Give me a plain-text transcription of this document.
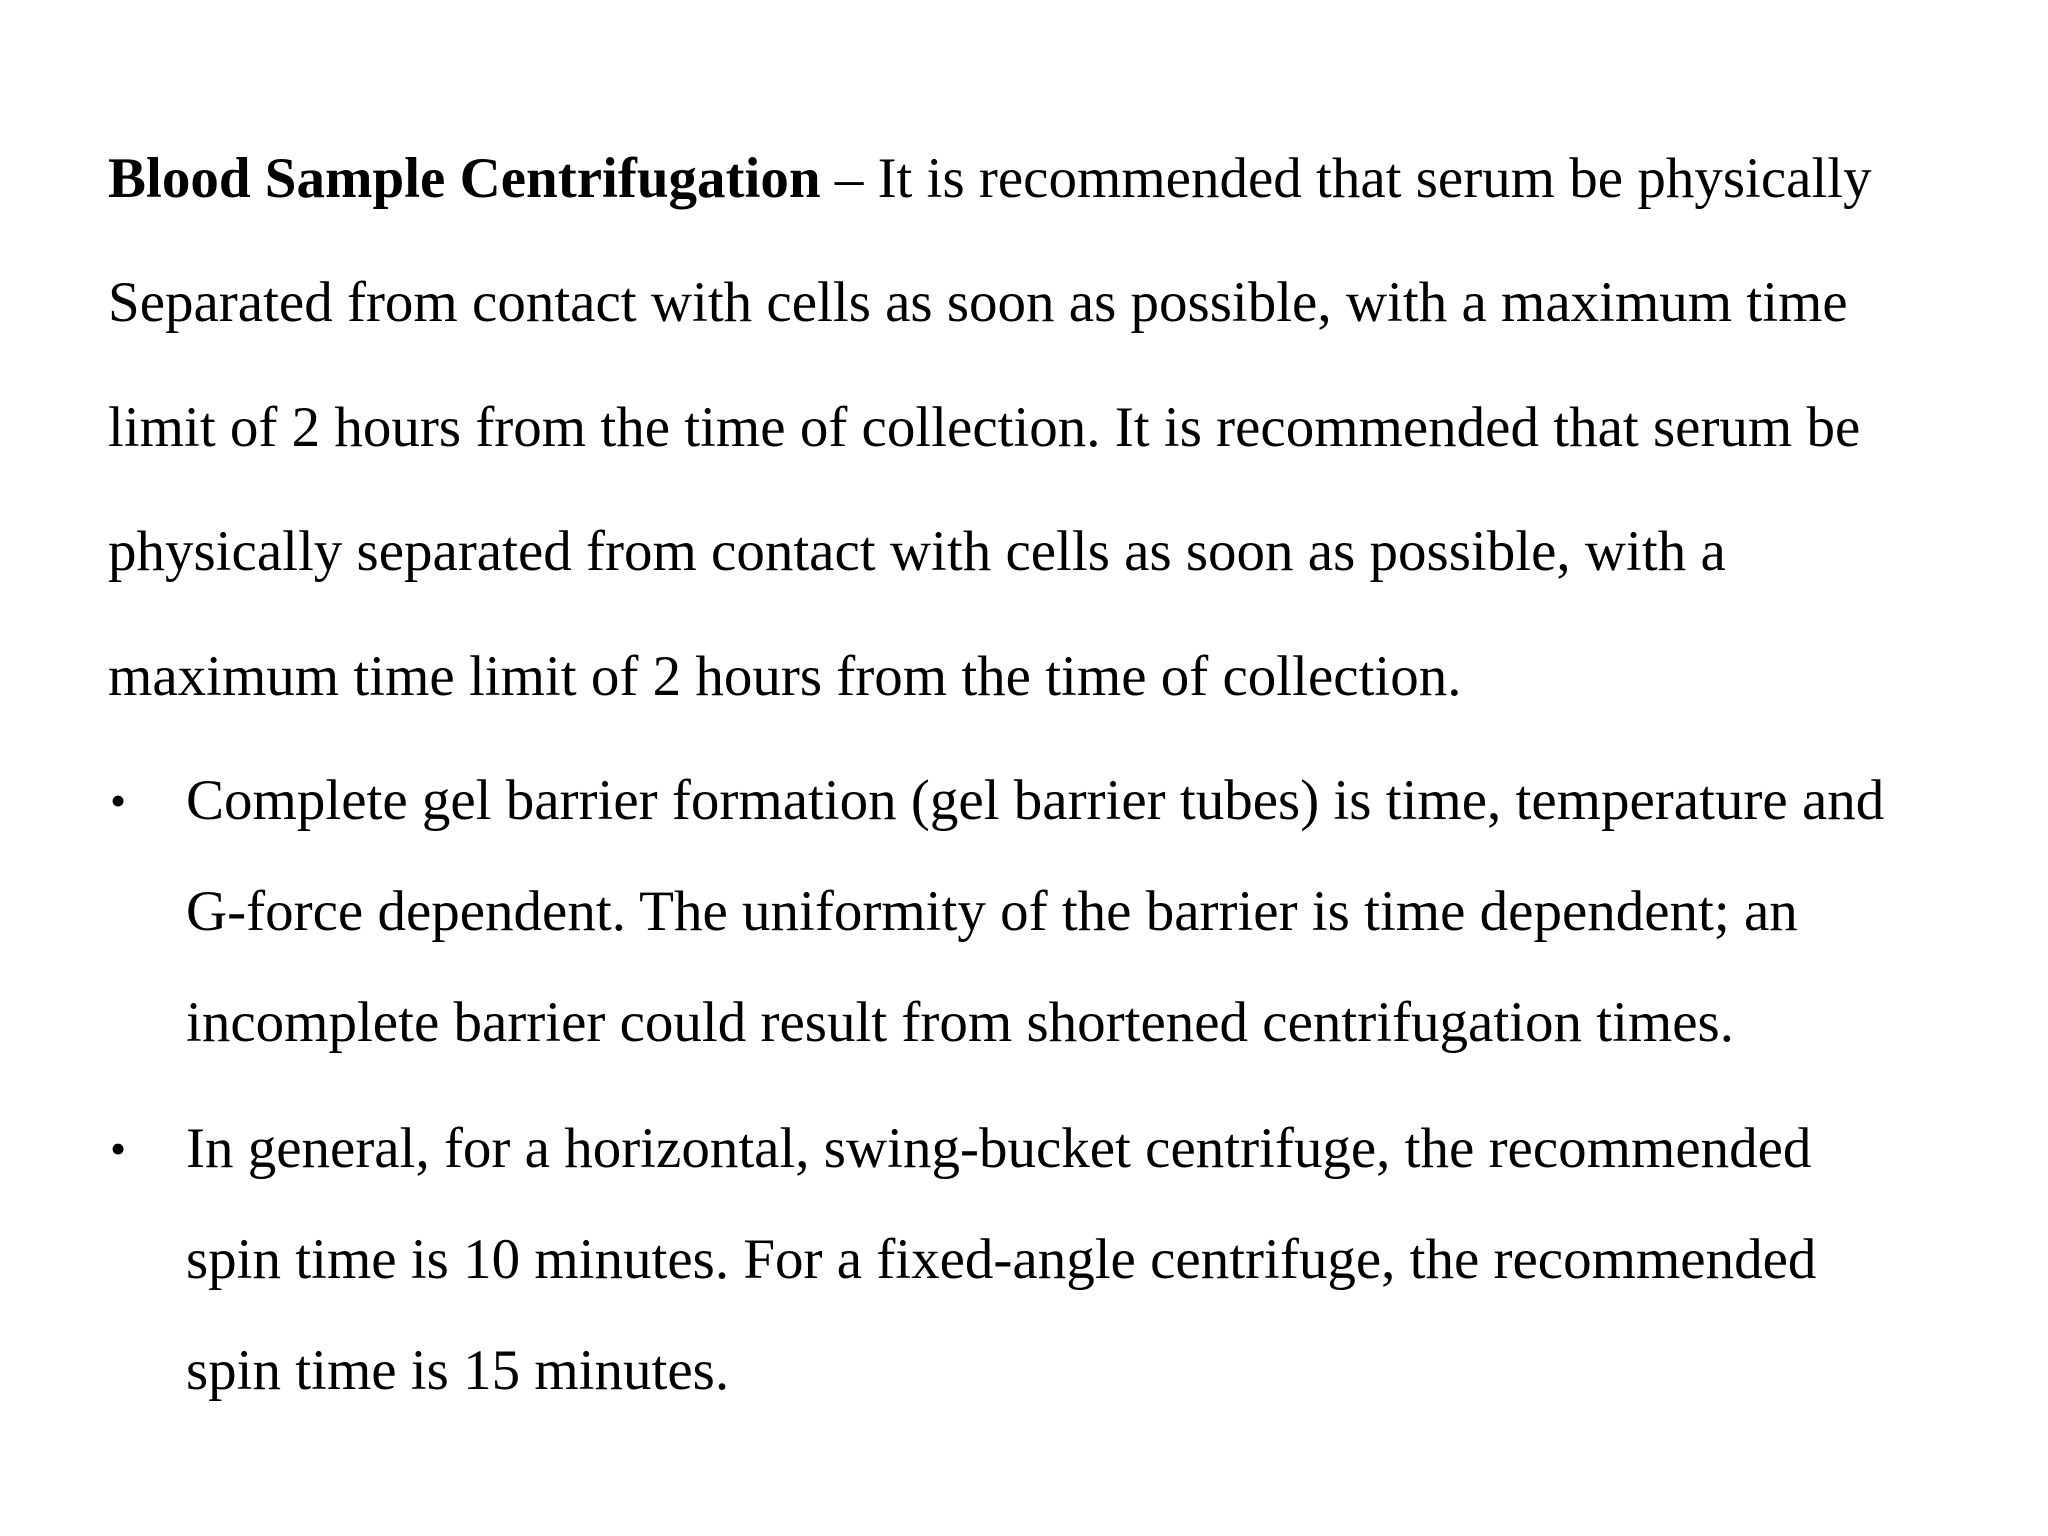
Blood Sample Centrifugation – It is recommended that serum be physically
Separated from contact with cells as soon as possible, with a maximum time
limit of 2 hours from the time of collection. It is recommended that serum be
physically separated from contact with cells as soon as possible, with a
maximum time limit of 2 hours from the time of collection.
• Complete gel barrier formation (gel barrier tubes) is time, temperature and
G-force dependent. The uniformity of the barrier is time dependent; an
incomplete barrier could result from shortened centrifugation times.
• In general, for a horizontal, swing-bucket centrifuge, the recommended
spin time is 10 minutes. For a fixed-angle centrifuge, the recommended
spin time is 15 minutes.
